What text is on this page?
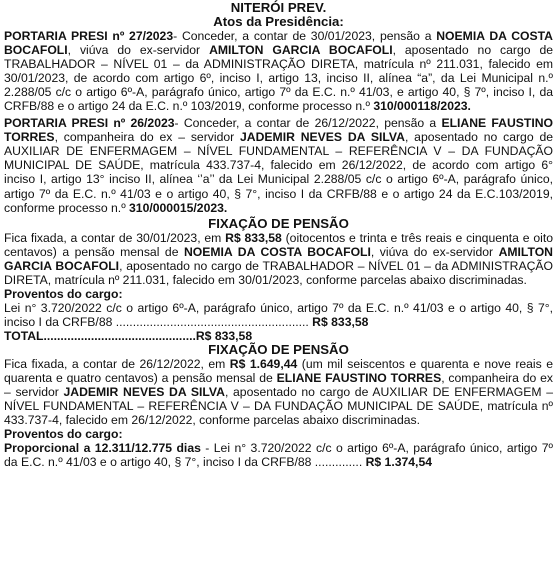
NITERÓI PREV.

Atos da Presidência:

PORTARIA PRESI nº 27/2023- Conceder, a contar de 30/01/2023, pensão a NOEMIA DA COSTA BOCAFOLI, viúva do ex-servidor AMILTON GARCIA BOCAFOLI, aposentado no cargo de TRABALHADOR – NÍVEL 01 – da ADMINISTRAÇÃO DIRETA, matrícula nº 211.031, falecido em 30/01/2023, de acordo com artigo 6º, inciso I, artigo 13, inciso II, alínea “a”, da Lei Municipal n.º 2.288/05 c/c o artigo 6º-A, parágrafo único, artigo 7º da E.C. n.º 41/03, e artigo 40, § 7º, inciso I, da CRFB/88 e o artigo 24 da E.C. n.º 103/2019, conforme processo n.º 310/000118/2023.

PORTARIA PRESI nº 26/2023- Conceder, a contar de 26/12/2022, pensão a ELIANE FAUSTINO TORRES, companheira do ex – servidor JADEMIR NEVES DA SILVA, aposentado no cargo de AUXILIAR DE ENFERMAGEM – NÍVEL FUNDAMENTAL – REFERÊNCIA V – DA FUNDAÇÃO MUNICIPAL DE SAÚDE, matrícula 433.737-4, falecido em 26/12/2022, de acordo com artigo 6° inciso I, artigo 13° inciso II, alínea ‘’a’’ da Lei Municipal 2.288/05 c/c o artigo 6º-A, parágrafo único, artigo 7º da E.C. n.º 41/03 e o artigo 40, § 7°, inciso I da CRFB/88 e o artigo 24 da E.C.103/2019, conforme processo n.º 310/000015/2023.

FIXAÇÃO DE PENSÃO

Fica fixada, a contar de 30/01/2023, em R$ 833,58 (oitocentos e trinta e três reais e cinquenta e oito centavos) a pensão mensal de NOEMIA DA COSTA BOCAFOLI, viúva do ex-servidor AMILTON GARCIA BOCAFOLI, aposentado no cargo de TRABALHADOR – NÍVEL 01 – da ADMINISTRAÇÃO DIRETA, matrícula nº 211.031, falecido em 30/01/2023, conforme parcelas abaixo discriminadas.

Proventos do cargo:

Lei n° 3.720/2022 c/c o artigo 6º-A, parágrafo único, artigo 7º da E.C. n.º 41/03 e o artigo 40, § 7°, inciso I da CRFB/88 ......................................................... R$ 833,58

TOTAL.............................................R$ 833,58

FIXAÇÃO DE PENSÃO

Fica fixada, a contar de 26/12/2022, em R$ 1.649,44 (um mil seiscentos e quarenta e nove reais e quarenta e quatro centavos) a pensão mensal de ELIANE FAUSTINO TORRES, companheira do ex – servidor JADEMIR NEVES DA SILVA, aposentado no cargo de AUXILIAR DE ENFERMAGEM – NÍVEL FUNDAMENTAL – REFERÊNCIA V – DA FUNDAÇÃO MUNICIPAL DE SAÚDE, matrícula nº 433.737-4, falecido em 26/12/2022, conforme parcelas abaixo discriminadas.

Proventos do cargo:

Proporcional a 12.311/12.775 dias - Lei n° 3.720/2022 c/c o artigo 6º-A, parágrafo único, artigo 7º da E.C. n.º 41/03 e o artigo 40, § 7°, inciso I da CRFB/88 .............. R$ 1.374,54
